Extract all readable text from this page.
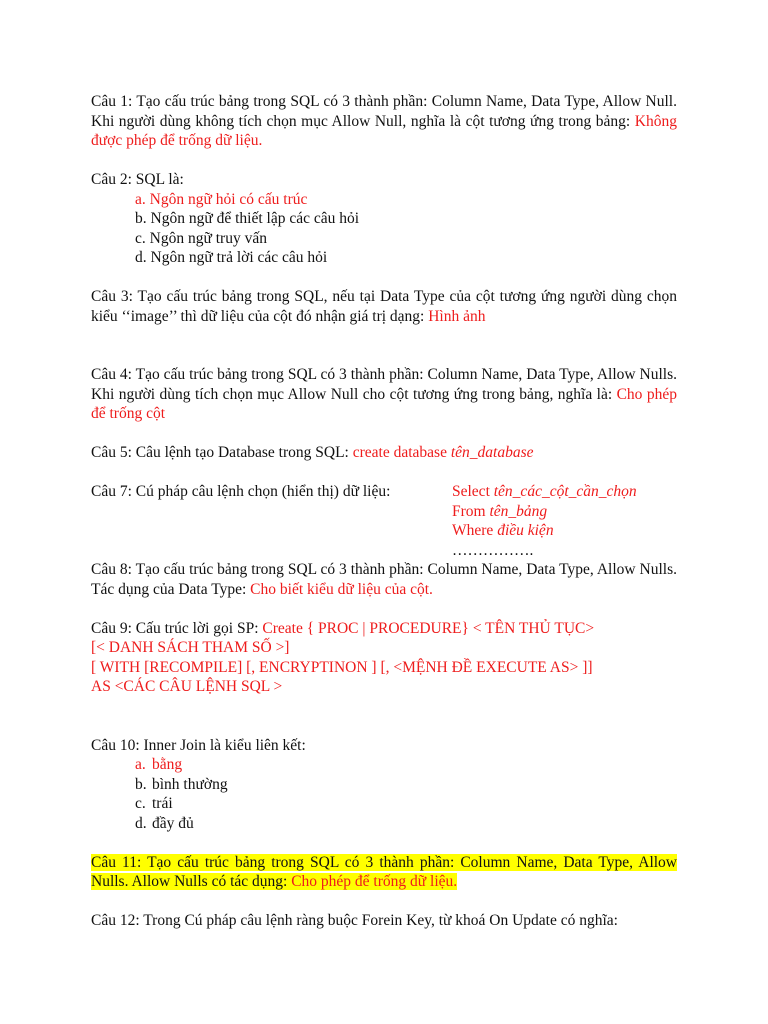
Câu 1: Tạo cấu trúc bảng trong SQL có 3 thành phần: Column Name, Data Type, Allow Null. Khi người dùng không tích chọn mục Allow Null, nghĩa là cột tương ứng trong bảng: Không được phép để trống dữ liệu.
Câu 2: SQL là:
a. Ngôn ngữ hỏi có cấu trúc
b. Ngôn ngữ để thiết lập các câu hỏi
c. Ngôn ngữ truy vấn
d. Ngôn ngữ trả lời các câu hỏi
Câu 3: Tạo cấu trúc bảng trong SQL, nếu tại Data Type của cột tương ứng người dùng chọn kiểu ‘‘image’’ thì dữ liệu của cột đó nhận giá trị dạng: Hình ảnh
Câu 4: Tạo cấu trúc bảng trong SQL có 3 thành phần: Column Name, Data Type, Allow Nulls. Khi người dùng tích chọn mục Allow Null cho cột tương ứng trong bảng, nghĩa là: Cho phép để trống cột
Câu 5: Câu lệnh tạo Database trong SQL: create database tên_database
Câu 7: Cú pháp câu lệnh chọn (hiển thị) dữ liệu:	Select tên_các_cột_cần_chọn
From tên_bảng
Where điều kiện
…………….
Câu 8: Tạo cấu trúc bảng trong SQL có 3 thành phần: Column Name, Data Type, Allow Nulls. Tác dụng của Data Type: Cho biết kiểu dữ liệu của cột.
Câu 9: Cấu trúc lời gọi SP: Create { PROC | PROCEDURE} < TÊN THỦ TỤC>
[< DANH SÁCH THAM SỐ >]
[ WITH [RECOMPILE] [, ENCRYPTINON ] [, <MỆNH ĐỀ EXECUTE AS> ]]
AS <CÁC CÂU LỆNH SQL >
Câu 10: Inner Join là kiểu liên kết:
a. bằng
b. bình thường
c. trái
d. đầy đủ
Câu 11: Tạo cấu trúc bảng trong SQL có 3 thành phần: Column Name, Data Type, Allow Nulls. Allow Nulls có tác dụng: Cho phép để trống dữ liệu.
Câu 12: Trong Cú pháp câu lệnh ràng buộc Forein Key, từ khoá On Update có nghĩa:
